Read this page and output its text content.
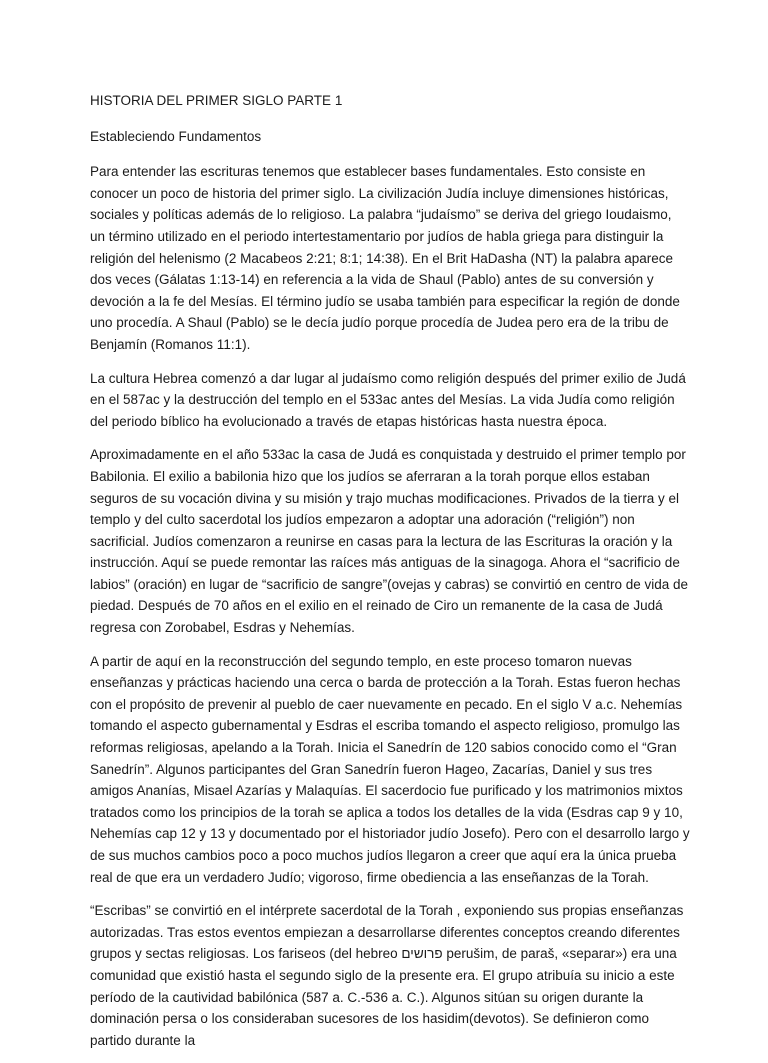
HISTORIA DEL PRIMER SIGLO PARTE 1

Estableciendo Fundamentos

Para entender las escrituras tenemos que establecer bases fundamentales. Esto consiste en conocer un poco de historia del primer siglo. La civilización Judía incluye dimensiones históricas, sociales y políticas además de lo religioso. La palabra “judaísmo” se deriva del griego Ioudaismo, un término utilizado en el periodo intertestamentario por judíos de habla griega para distinguir la religión del helenismo (2 Macabeos 2:21; 8:1; 14:38). En el Brit HaDasha (NT) la palabra aparece dos veces (Gálatas 1:13-14) en referencia a la vida de Shaul (Pablo) antes de su conversión y devoción a la fe del Mesías. El término judío se usaba también para especificar la región de donde uno procedía. A Shaul (Pablo) se le decía judío porque procedía de Judea pero era de la tribu de Benjamín (Romanos 11:1).

La cultura Hebrea comenzó a dar lugar al judaísmo como religión después del primer exilio de Judá en el 587ac y la destrucción del templo en el 533ac antes del Mesías. La vida Judía como religión del periodo bíblico ha evolucionado a través de etapas históricas hasta nuestra época.

Aproximadamente en el año 533ac la casa de Judá es conquistada y destruido el primer templo por Babilonia. El exilio a babilonia hizo que los judíos se aferraran a la torah porque ellos estaban seguros de su vocación divina y su misión y trajo muchas modificaciones. Privados de la tierra y el templo y del culto sacerdotal los judíos empezaron a adoptar una adoración (“religión”) non sacrificial. Judíos comenzaron a reunirse en casas para la lectura de las Escrituras la oración y la instrucción. Aquí se puede remontar las raíces más antiguas de la sinagoga. Ahora el “sacrificio de labios” (oración) en lugar de “sacrificio de sangre”(ovejas y cabras) se convirtió en centro de vida de piedad. Después de 70 años en el exilio en el reinado de Ciro un remanente de la casa de Judá regresa con Zorobabel, Esdras y Nehemías.

A partir de aquí en la reconstrucción del segundo templo, en este proceso tomaron nuevas enseñanzas y prácticas haciendo una cerca o barda de protección a la Torah. Estas fueron hechas con el propósito de prevenir al pueblo de caer nuevamente en pecado. En el siglo V a.c. Nehemías tomando el aspecto gubernamental y Esdras el escriba tomando el aspecto religioso, promulgo las reformas religiosas, apelando a la Torah. Inicia el Sanedrín de 120 sabios conocido como el “Gran Sanedrín”. Algunos participantes del Gran Sanedrín fueron Hageo, Zacarías, Daniel y sus tres amigos Ananías, Misael Azarías y Malaquías. El sacerdocio fue purificado y los matrimonios mixtos tratados como los principios de la torah se aplica a todos los detalles de la vida (Esdras cap 9 y 10, Nehemías cap 12 y 13 y documentado por el historiador judío Josefo). Pero con el desarrollo largo y de sus muchos cambios poco a poco muchos judíos llegaron a creer que aquí era la única prueba real de que era un verdadero Judío; vigoroso, firme obediencia a las enseñanzas de la Torah.

“Escribas” se convirtió en el intérprete sacerdotal de la Torah , exponiendo sus propias enseñanzas autorizadas. Tras estos eventos empiezan a desarrollarse diferentes conceptos creando diferentes grupos y sectas religiosas. Los fariseos (del hebreo פרושים perušim, de paraš, «separar») era una comunidad que existió hasta el segundo siglo de la presente era. El grupo atribuía su inicio a este período de la cautividad babilónica (587 a. C.-536 a. C.). Algunos sitúan su origen durante la dominación persa o los consideraban sucesores de los hasidim(devotos). Se definieron como partido durante la
